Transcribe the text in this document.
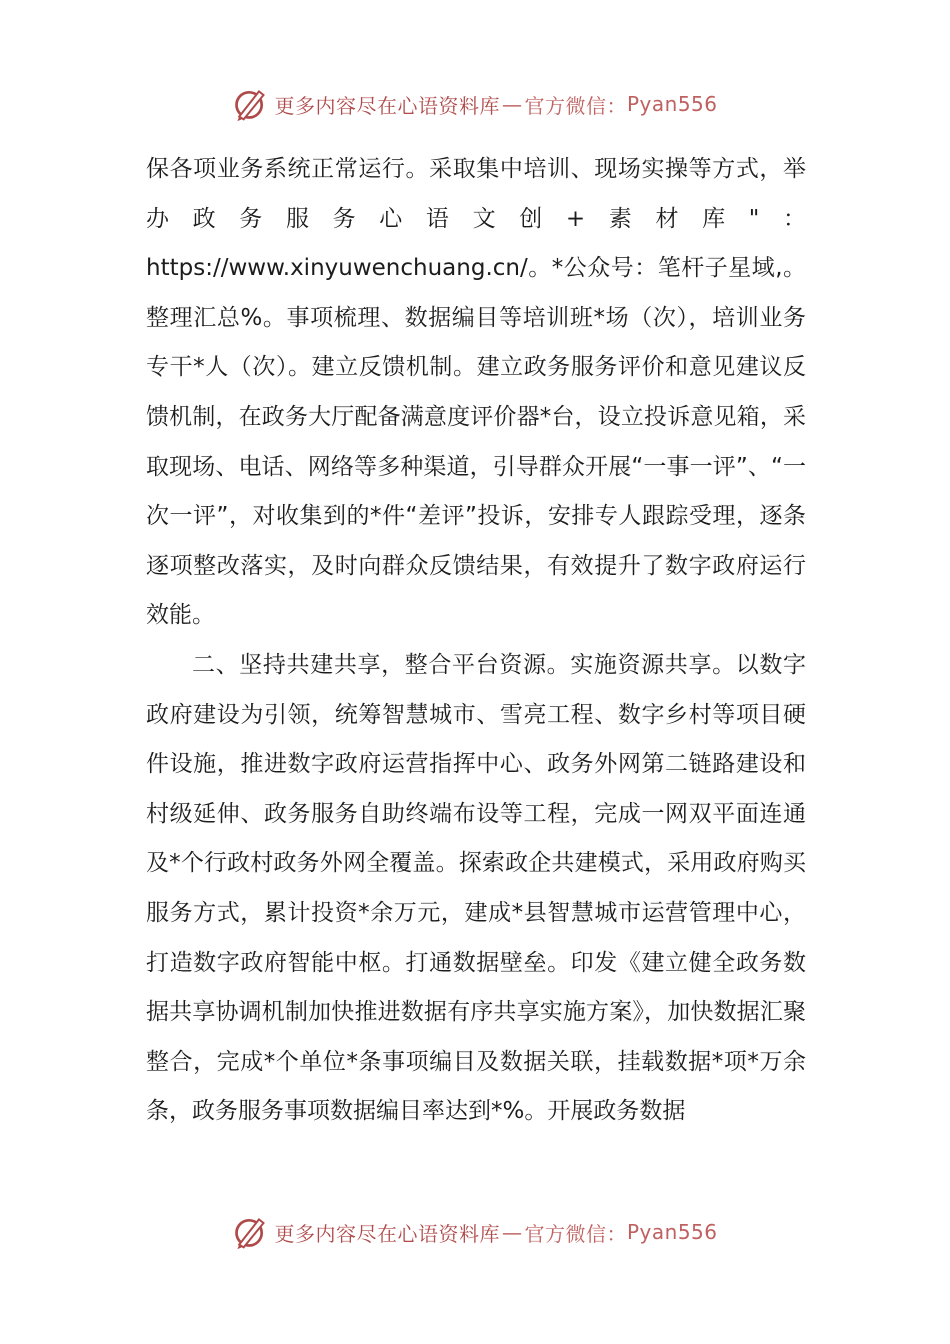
更多内容尽在心语资料库 — 官方微信： Pyan556

保各项业务系统正常运行。采取集中培训、现场实操等方式，举办政务服务心语文创+素材库"：https://www.xinyuwenchuang.cn/。*公众号：笔杆子星域,。整理汇总%。事项梳理、数据编目等培训班*场（次），培训业务专干*人（次）。建立反馈机制。建立政务服务评价和意见建议反馈机制，在政务大厅配备满意度评价器*台，设立投诉意见箱，采取现场、电话、网络等多种渠道，引导群众开展“一事一评”、“一次一评”，对收集到的*件“差评”投诉，安排专人跟踪受理，逐条逐项整改落实，及时向群众反馈结果，有效提升了数字政府运行效能。

二、坚持共建共享，整合平台资源。实施资源共享。以数字政府建设为引领，统筹智慧城市、雪亮工程、数字乡村等项目硬件设施，推进数字政府运营指挥中心、政务外网第二链路建设和村级延伸、政务服务自助终端布设等工程，完成一网双平面连通及*个行政村政务外网全覆盖。探索政企共建模式，采用政府购买服务方式，累计投资*余万元，建成*县智慧城市运营管理中心，打造数字政府智能中枢。打通数据壁垒。印发《建立健全政务数据共享协调机制加快推进数据有序共享实施方案》，加快数据汇聚整合，完成*个单位*条事项编目及数据关联，挂载数据*项*万余条，政务服务事项数据编目率达到*%。开展政务数据

更多内容尽在心语资料库 — 官方微信： Pyan556
